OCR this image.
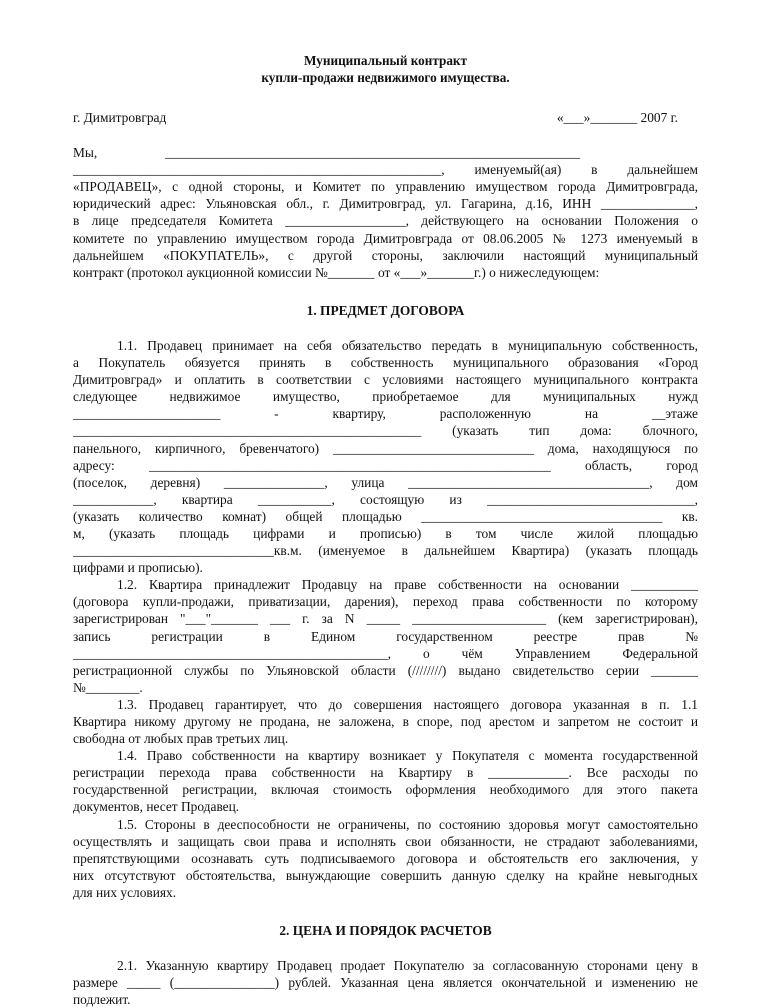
Муниципальный контракт
купли-продажи недвижимого имущества.
г. Димитровград	«___»_______ 2007 г.
Мы,	______________________________________________________________
_______________________________________________________, именуемый(ая) в дальнейшем
«ПРОДАВЕЦ», с одной стороны, и Комитет по управлению имуществом города Димитровграда,
юридический адрес: Ульяновская обл., г. Димитровград, ул. Гагарина, д.16, ИНН ______________,
в лице председателя Комитета __________________, действующего на основании Положения о
комитете по управлению имуществом города Димитровграда от 08.06.2005 № 1273 именуемый в
дальнейшем «ПОКУПАТЕЛЬ», с другой стороны, заключили настоящий муниципальный
контракт (протокол аукционной комиссии №_______ от «___»_______г.) о нижеследующем:
1. ПРЕДМЕТ ДОГОВОРА
1.1. Продавец принимает на себя обязательство передать в муниципальную собственность,
а Покупатель обязуется принять в собственность муниципального образования «Город
Димитровград» и оплатить в соответствии с условиями настоящего муниципального контракта
следующее недвижимое имущество, приобретаемое для муниципальных нужд
______________________ - квартиру, расположенную на __этаже
____________________________________________________ (указать тип дома: блочного,
панельного, кирпичного, бревенчатого) ______________________________ дома, находящуюся по
адресу: ____________________________________________________________ область, город
(поселок, деревня) _______________, улица ____________________________________, дом
____________, квартира ___________, состоящую из _______________________________,
(указать количество комнат) общей площадью ____________________________________ кв.
м, (указать площадь цифрами и прописью) в том числе жилой площадью
______________________________кв.м. (именуемое в дальнейшем Квартира) (указать площадь
цифрами и прописью).
1.2. Квартира принадлежит Продавцу на праве собственности на основании __________
(договора купли-продажи, приватизации, дарения), переход права собственности по которому
зарегистрирован "___"_______ ___ г. за N _____ ____________________ (кем зарегистрирован),
запись регистрации в Едином государственном реестре прав №
_______________________________________________, о чём Управлением Федеральной
регистрационной службы по Ульяновской области (////////) выдано свидетельство серии _______
№________.
1.3. Продавец гарантирует, что до совершения настоящего договора указанная в п. 1.1
Квартира никому другому не продана, не заложена, в споре, под арестом и запретом не состоит и
свободна от любых прав третьих лиц.
1.4. Право собственности на квартиру возникает у Покупателя с момента государственной
регистрации перехода права собственности на Квартиру в ____________. Все расходы по
государственной регистрации, включая стоимость оформления необходимого для этого пакета
документов, несет Продавец.
1.5. Стороны в дееспособности не ограничены, по состоянию здоровья могут самостоятельно
осуществлять и защищать свои права и исполнять свои обязанности, не страдают заболеваниями,
препятствующими осознавать суть подписываемого договора и обстоятельств его заключения, у
них отсутствуют обстоятельства, вынуждающие совершить данную сделку на крайне невыгодных
для них условиях.
2. ЦЕНА И ПОРЯДОК РАСЧЕТОВ
2.1. Указанную квартиру Продавец продает Покупателю за согласованную сторонами цену в
размере _____ (_______________) рублей. Указанная цена является окончательной и изменению не
подлежит.
